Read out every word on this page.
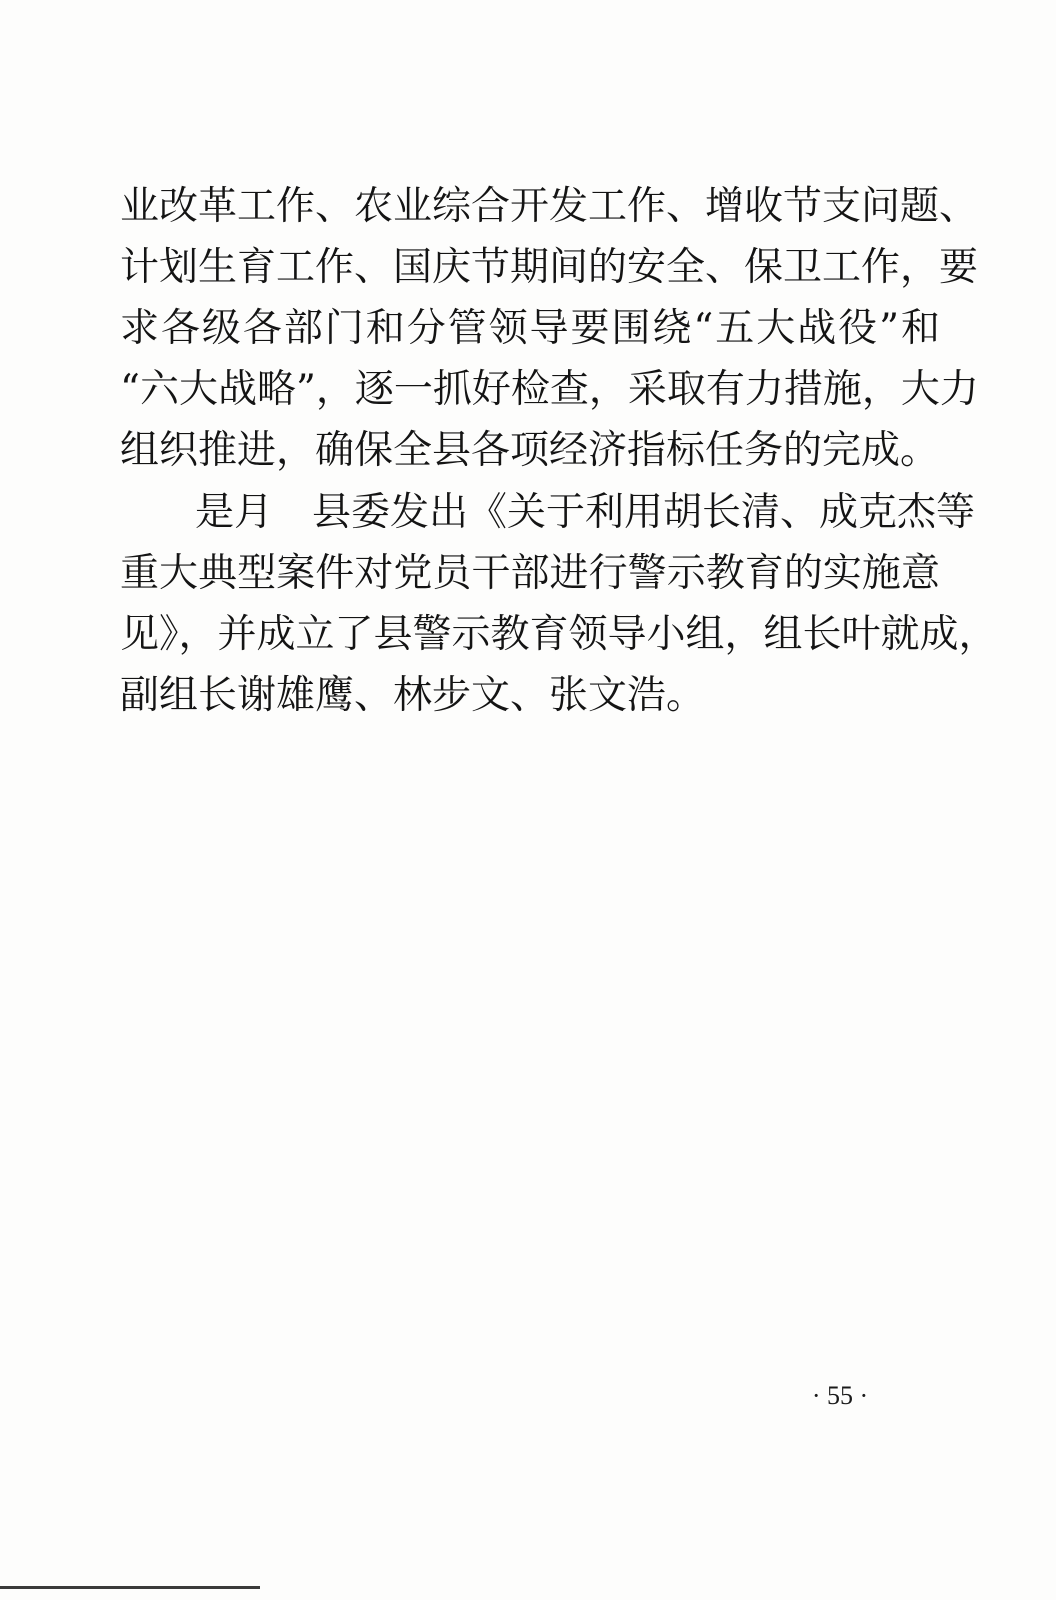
业改革工作、农业综合开发工作、增收节支问题、
计划生育工作、国庆节期间的安全、保卫工作，要
求各级各部门和分管领导要围绕“五大战役”和
“六大战略”，逐一抓好检查，采取有力措施，大力
组织推进，确保全县各项经济指标任务的完成。
是月　县委发出《关于利用胡长清、成克杰等
重大典型案件对党员干部进行警示教育的实施意
见》，并成立了县警示教育领导小组，组长叶就成，
副组长谢雄鹰、林步文、张文浩。
· 55 ·
